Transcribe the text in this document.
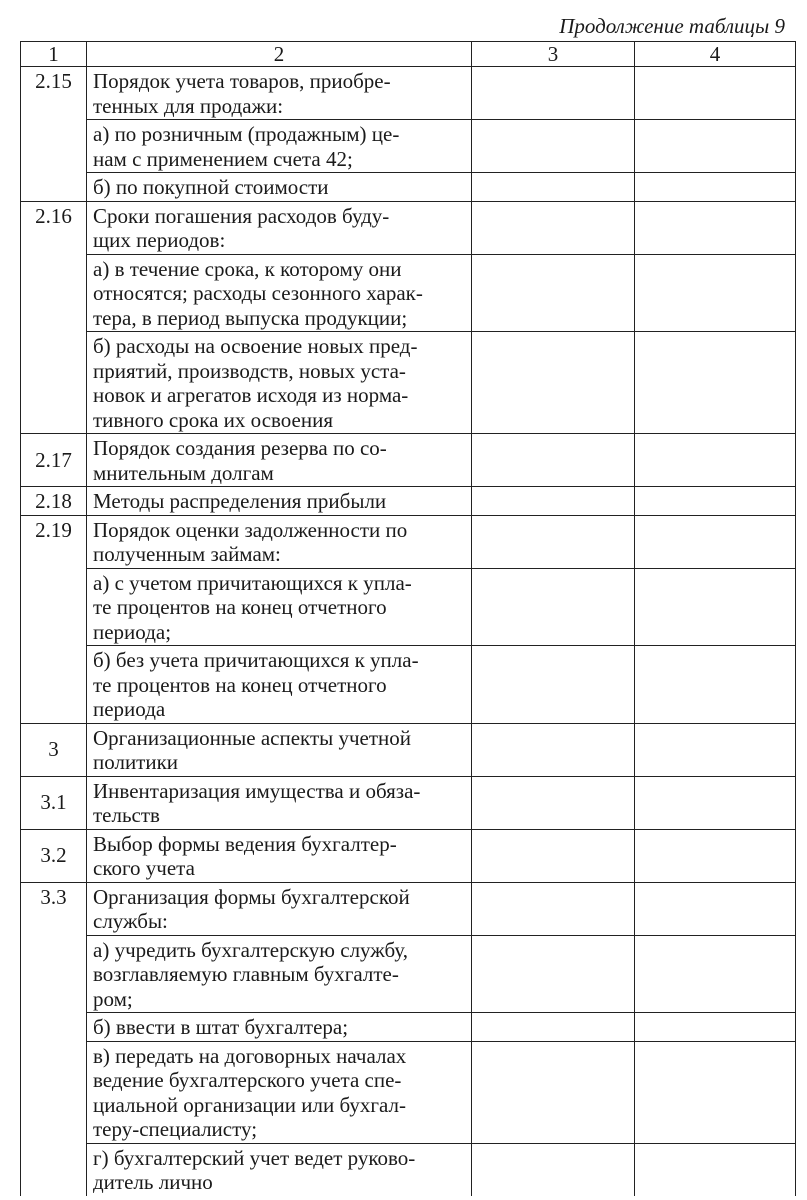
Продолжение таблицы 9
1	2	3	4
2.15	Порядок учета товаров, приобре-
тенных для продажи:		

	а) по розничным (продажным) це-
нам с применением счета 42;		

	б) по покупной стоимости		

2.16	Сроки погашения расходов буду-
щих периодов:		

	а) в течение срока, к которому они
относятся; расходы сезонного харак-
тера, в период выпуска продукции;		

	б) расходы на освоение новых пред-
приятий, производств, новых уста-
новок и агрегатов исходя из норма-
тивного срока их освоения		

2.17	Порядок создания резерва по со-
мнительным долгам		

2.18	Методы распределения прибыли		

2.19	Порядок оценки задолженности по
полученным займам:		

	а) с учетом причитающихся к упла-
те процентов на конец отчетного
периода;		

	б) без учета причитающихся к упла-
те процентов на конец отчетного
периода		

3	Организационные аспекты учетной
политики		

3.1	Инвентаризация имущества и обяза-
тельств		

3.2	Выбор формы ведения бухгалтер-
ского учета		

3.3	Организация формы бухгалтерской
службы:		

	а) учредить бухгалтерскую службу,
возглавляемую главным бухгалте-
ром;		

	б) ввести в штат бухгалтера;		

	в) передать на договорных началах
ведение бухгалтерского учета спе-
циальной организации или бухгал-
теру-специалисту;		

	г) бухгалтерский учет ведет руково-
дитель лично		
